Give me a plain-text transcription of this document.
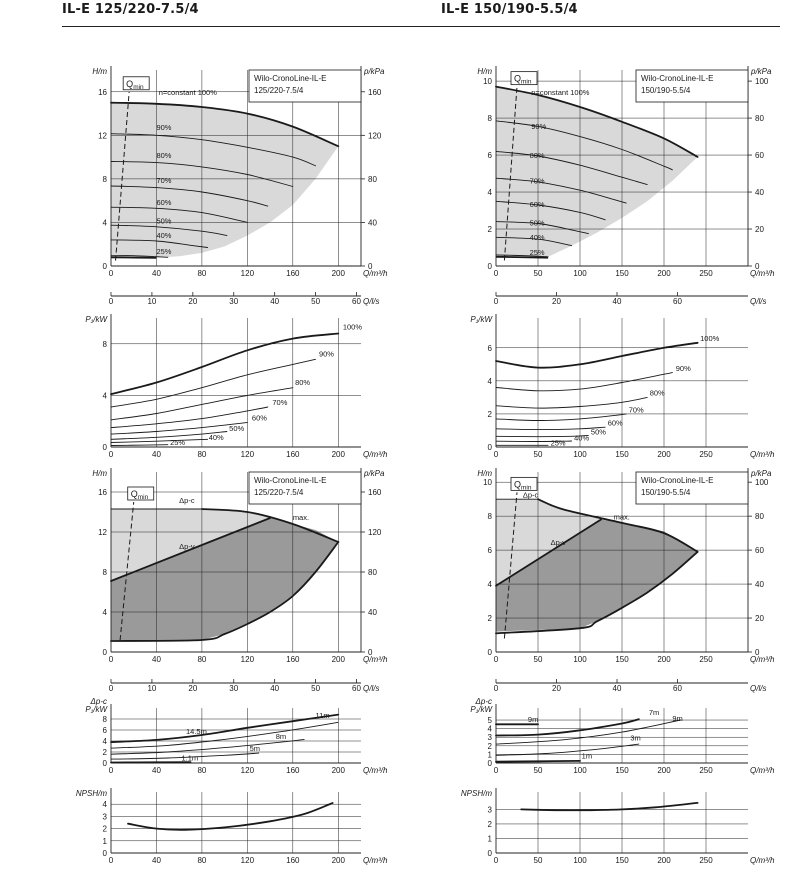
IL-E 125/220-7.5/4	IL-E 150/190-5.5/4
0	40	80	120	160	200
0
4
8
12
16
0
40
80
120
160
Q/m³/h
H/m	p/kPa
$Q_{min}$
n=constant 100%
90%
80%
70%
60%
50%
40%
25%
Wilo-CronoLine-IL-E
125/220-7.5/4
0	10	20	30	40	50	60 Q/l/s
0	50	100	150	200	250
0
2
4
6
8
10
0
20
40
60
80
100
Q/m³/h
H/m	p/kPa
$Q_{min}$
n=constant 100%
90%
80%
70%
60%
50%
40%
25%
Wilo-CronoLine-IL-E
150/190-5.5/4
0	20	40	60	Q/l/s
0	40	80	120	160	200
0
4
8
Q/m³/h
P₁/kW
100%
90%
80%
70%
60%
50%
40%
25%
0	50	100	150	200	250
0
2
4
6
Q/m³/h
P₁/kW
100%
90%
80%
70%
60%
50%
40%
25%
0	40	80	120	160	200
0
4
8
12
16
0
40
80
120
160
Q/m³/h
H/m	p/kPa
$Q_{min}$	Δp-c
Δp-v
max.
Wilo-CronoLine-IL-E
125/220-7.5/4
0	10	20	30	40	50	60 Q/l/s
0	50	100	150	200	250
0
2
4
6
8
10
0
20
40
60
80
100
Q/m³/h
H/m	p/kPa
$Q_{min}$
Δp-c
Δp-v
max.
Wilo-CronoLine-IL-E
150/190-5.5/4
0	20	40	60	Q/l/s
0	40	80	120	160	200
0
2
4
6
8
Q/m³/h
P₁/kW
Δp-c
14.5m
11m
8m
5m
1.1m
0	50	100	150	200	250
0
1
2
3
4
5
Q/m³/h
P₁/kW
Δp-c
9m
7m
9m
3m
1m
0	40	80	120	160	200
0
1
2
3
4
Q/m³/h
NPSH/m
0	50	100	150	200	250
0
1
2
3
Q/m³/h
NPSH/m
